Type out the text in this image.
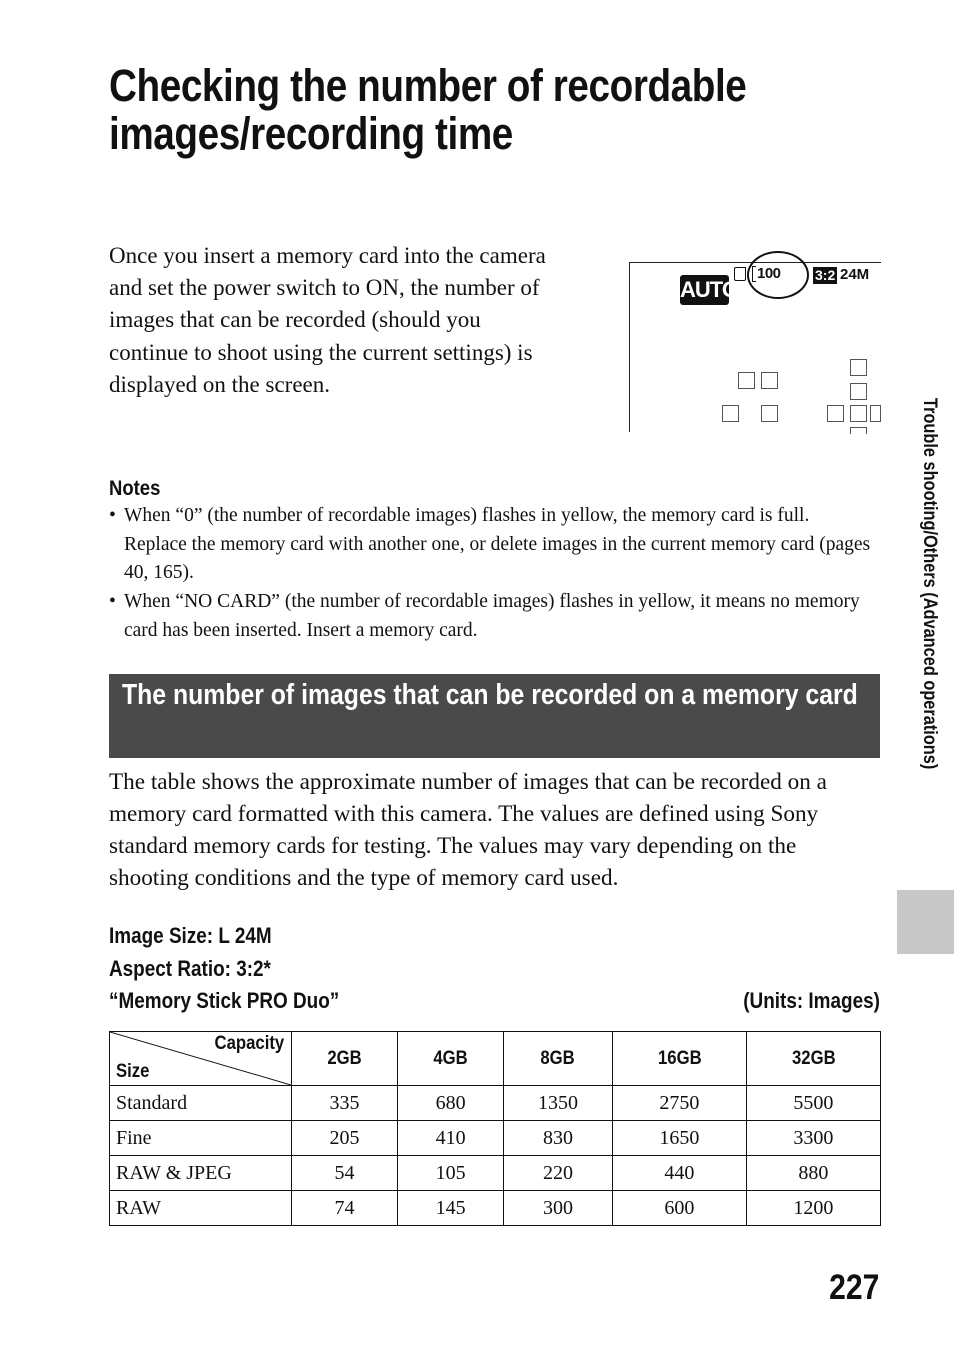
Checking the number of recordable
images/recording time

Once you insert a memory card into the camera and set the power switch to ON, the number of images that can be recorded (should you continue to shoot using the current settings) is displayed on the screen.

AUTO
100 3:2 24M
Notes
• When “0” (the number of recordable images) flashes in yellow, the memory card is full. Replace the memory card with another one, or delete images in the current memory card (pages 40, 165).
• When “NO CARD” (the number of recordable images) flashes in yellow, it means no memory card has been inserted. Insert a memory card.
The number of images that can be recorded on a memory card

The table shows the approximate number of images that can be recorded on a memory card formatted with this camera. The values are defined using Sony standard memory cards for testing. The values may vary depending on the shooting conditions and the type of memory card used.

Image Size: L 24M

Aspect Ratio: 3:2*

“Memory Stick PRO Duo”	(Units: Images)

Capacity
Size	2GB	4GB	8GB	16GB	32GB
Standard	335	680	1350	2750	5500
Fine	205	410	830	1650	3300
RAW & JPEG	54	105	220	440	880
RAW	74	145	300	600	1200
Trouble shooting/Others (Advanced operations)

227
